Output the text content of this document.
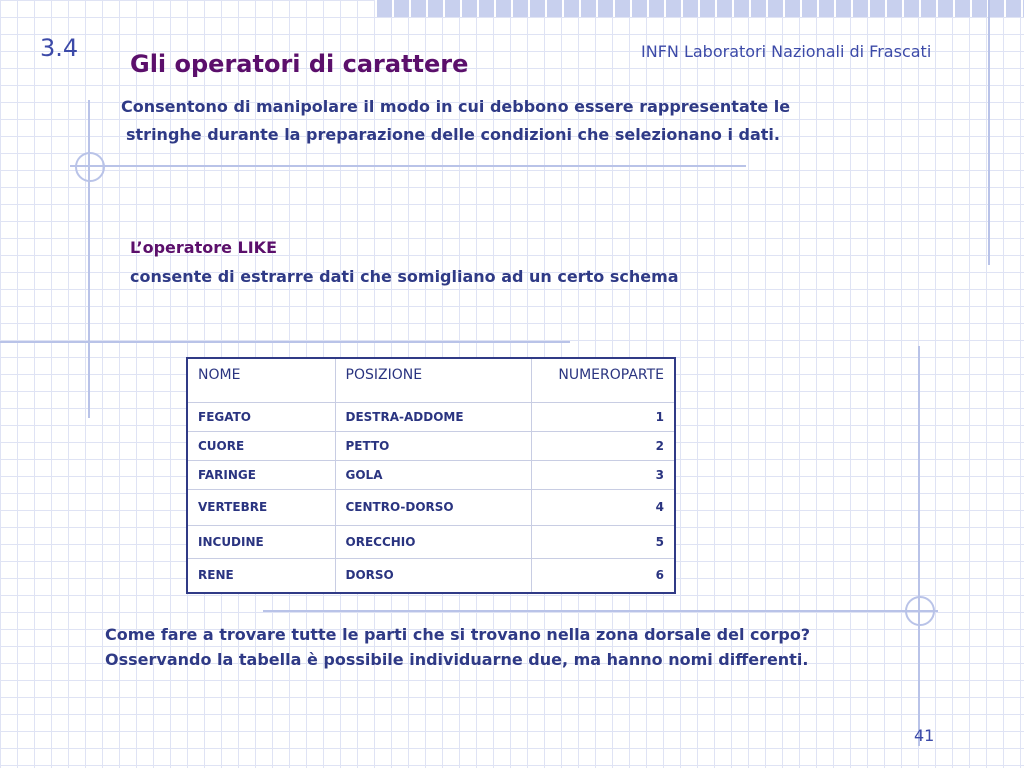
3.4
Gli operatori di carattere	INFN Laboratori Nazionali di Frascati
Consentono di manipolare il modo in cui debbono essere rappresentate le

stringhe durante la preparazione delle condizioni che selezionano i dati.
L’operatore LIKE
consente di estrarre dati che somigliano ad un certo schema
NOME	POSIZIONE	NUMEROPARTE
FEGATO	DESTRA-ADDOME	1
CUORE	PETTO	2
FARINGE	GOLA	3
VERTEBRE	CENTRO-DORSO	4
INCUDINE	ORECCHIO	5
RENE	DORSO	6
Come fare a trovare tutte le parti che si trovano nella zona dorsale del corpo?
Osservando la tabella è possibile individuarne due, ma hanno nomi differenti.
41
